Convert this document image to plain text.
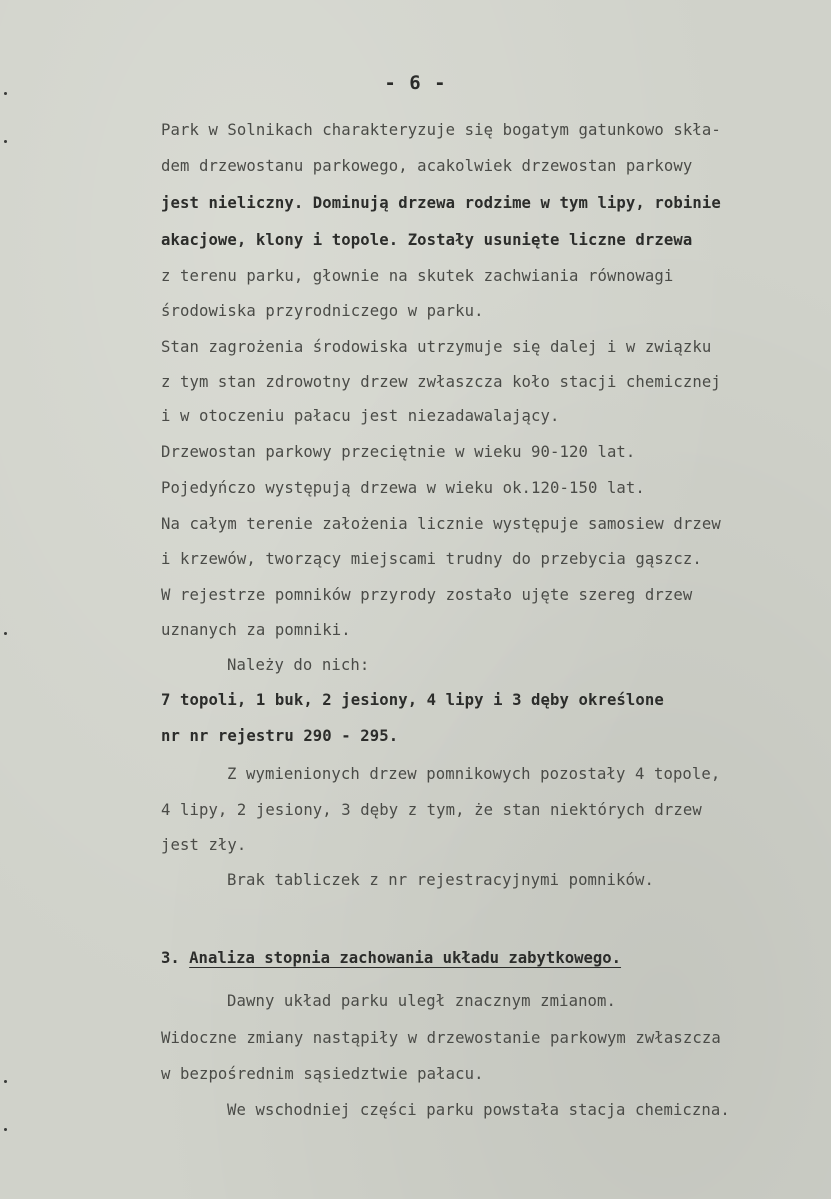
- 6 -
Park w Solnikach charakteryzuje się bogatym gatunkowo skła-
dem drzewostanu parkowego, acakolwiek drzewostan parkowy
jest nieliczny. Dominują drzewa rodzime w tym lipy, robinie
akacjowe, klony i topole. Zostały usunięte liczne drzewa
z terenu parku, głownie na skutek zachwiania równowagi
środowiska przyrodniczego w parku.
Stan zagrożenia środowiska utrzymuje się dalej i w związku
z tym stan zdrowotny drzew zwłaszcza koło stacji chemicznej
i w otoczeniu pałacu jest niezadawalający.
Drzewostan parkowy przeciętnie w wieku 90-120 lat.
Pojedyńczo występują drzewa w wieku ok.120-150 lat.
Na całym terenie założenia licznie występuje samosiew drzew
i krzewów, tworzący miejscami trudny do przebycia gąszcz.
W rejestrze pomników przyrody zostało ujęte szereg drzew
uznanych za pomniki.
Należy do nich:
7 topoli, 1 buk, 2 jesiony, 4 lipy i 3 dęby określone
nr nr rejestru 290 - 295.
Z wymienionych drzew pomnikowych pozostały 4 topole,
4 lipy, 2 jesiony, 3 dęby z tym, że stan niektórych drzew
jest zły.
Brak tabliczek z nr rejestracyjnymi pomników.
3. Analiza stopnia zachowania układu zabytkowego.
Dawny układ parku uległ znacznym zmianom.
Widoczne zmiany nastąpiły w drzewostanie parkowym zwłaszcza
w bezpośrednim sąsiedztwie pałacu.
We wschodniej części parku powstała stacja chemiczna.
